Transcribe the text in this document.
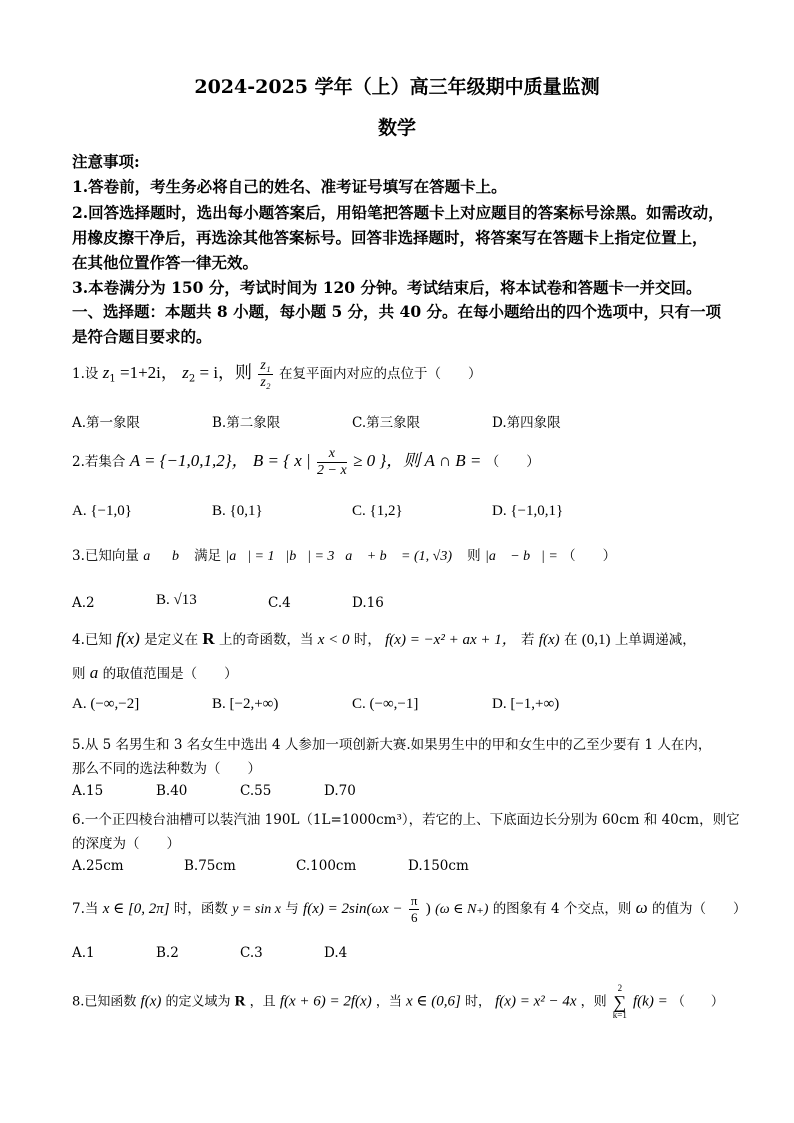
2024-2025 学年（上）高三年级期中质量监测
数学
注意事项:
1.答卷前，考生务必将自己的姓名、准考证号填写在答题卡上。
2.回答选择题时，选出每小题答案后，用铅笔把答题卡上对应题目的答案标号涂黑。如需改动，
用橡皮擦干净后，再选涂其他答案标号。回答非选择题时，将答案写在答题卡上指定位置上，
在其他位置作答一律无效。
3.本卷满分为 150 分，考试时间为 120 分钟。考试结束后，将本试卷和答题卡一并交回。
一、选择题：本题共 8 小题，每小题 5 分，共 40 分。在每小题给出的四个选项中，只有一项
是符合题目要求的。
1.设 $z_1 =1+2i$， $z_2 = i$，则 $\frac{\text{z₁}}{\text{z₂}}$ 在复平面内对应的点位于（　　）
A.第一象限	B.第二象限	C.第三象限	D.第四象限
2.若集合 A = {−1,0,1,2}， B = { x | $\frac{x}{2 - x} \ge 0$ }，则 A ∩ B = （　　）
A. {−1,0}	B. {0,1}	C. {1,2}	D. {−1,0,1}
3.已知向量 a⃗，b⃗ 满足 |a⃗| = 1，|b⃗| = 3，a⃗ + b⃗ = (1, √3)， 则 |a⃗ − b⃗| = （　　）
A.2	B. √13	C.4	D.16
4.已知 f(x) 是定义在 R 上的奇函数，当 x < 0 时， f(x) = −x² + ax + 1， 若 f(x) 在 (0,1) 上单调递减，
则 a 的取值范围是（　　）
A. (−∞,−2]	B. [−2,+∞)	C. (−∞,−1]	D. [−1,+∞)
5.从 5 名男生和 3 名女生中选出 4 人参加一项创新大赛.如果男生中的甲和女生中的乙至少要有 1 人在内，
那么不同的选法种数为（　　）
A.15	B.40	C.55	D.70
6.一个正四棱台油槽可以装汽油 190L（1L=1000cm³），若它的上、下底面边长分别为 60cm 和 40cm，则它
的深度为（　　）
A.25cm	B.75cm	C.100cm	D.150cm
7.当 x ∈ [0, 2π] 时，函数 y = sin x 与 $f(x) = 2\sin(\omega x - \frac{\pi}{6}$ ) (ω ∈ N₊) 的图象有 4 个交点，则 ω 的值为（　　）
A.1	B.2	C.3	D.4
8.已知函数 f(x) 的定义域为 R ，且 f(x + 6) = 2f(x) ，当 x ∈ (0,6] 时， f(x) = x² − 4x ，则
2
∑
k=1
f(k) = （　　）
